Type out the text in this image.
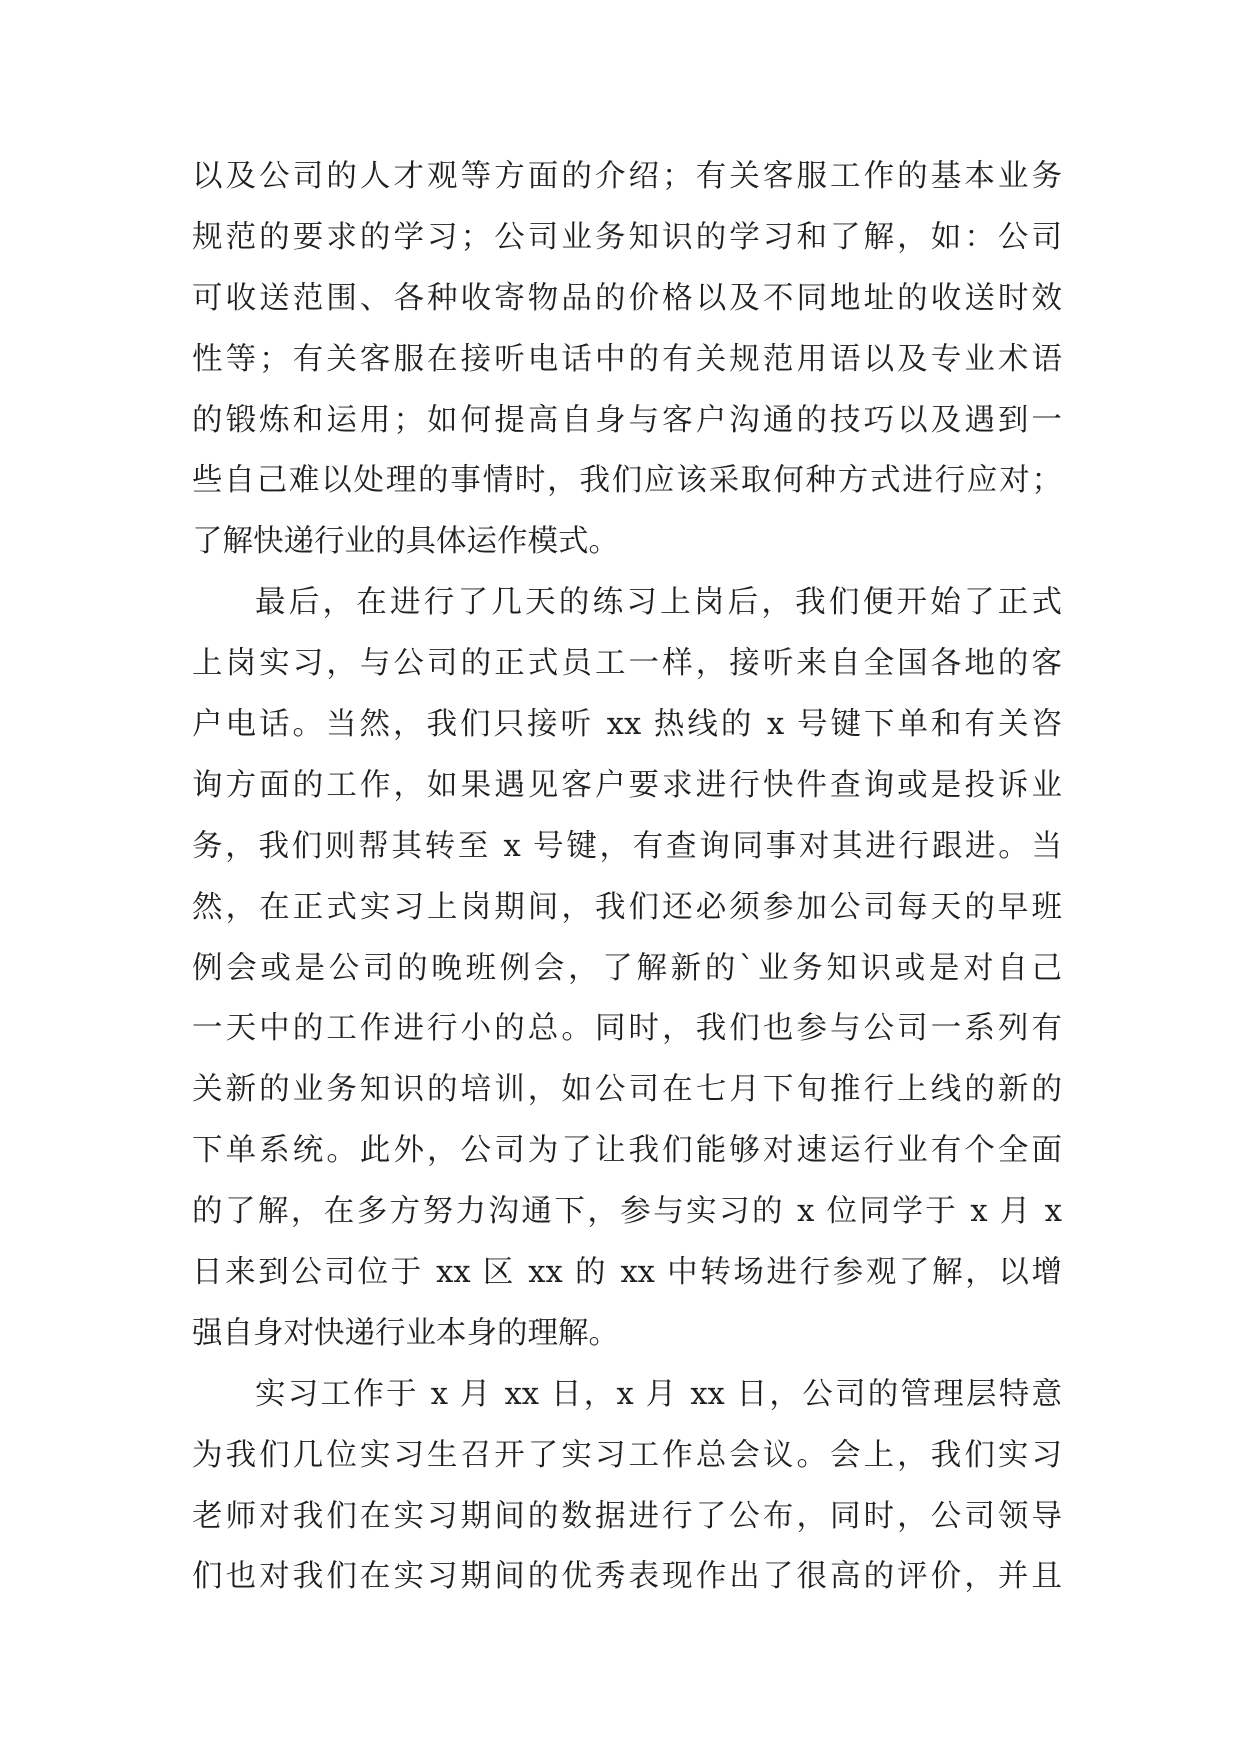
以及公司的人才观等方面的介绍；有关客服工作的基本业务
规范的要求的学习；公司业务知识的学习和了解，如：公司
可收送范围、各种收寄物品的价格以及不同地址的收送时效
性等；有关客服在接听电话中的有关规范用语以及专业术语
的锻炼和运用；如何提高自身与客户沟通的技巧以及遇到一
些自己难以处理的事情时，我们应该采取何种方式进行应对；
了解快递行业的具体运作模式。

最后，在进行了几天的练习上岗后，我们便开始了正式
上岗实习，与公司的正式员工一样，接听来自全国各地的客
户电话。当然，我们只接听 xx 热线的 x 号键下单和有关咨
询方面的工作，如果遇见客户要求进行快件查询或是投诉业
务，我们则帮其转至 x 号键，有查询同事对其进行跟进。当
然，在正式实习上岗期间，我们还必须参加公司每天的早班
例会或是公司的晚班例会，了解新的`业务知识或是对自己
一天中的工作进行小的总。同时，我们也参与公司一系列有
关新的业务知识的培训，如公司在七月下旬推行上线的新的
下单系统。此外，公司为了让我们能够对速运行业有个全面
的了解，在多方努力沟通下，参与实习的 x 位同学于 x 月 x
日来到公司位于 xx 区 xx 的 xx 中转场进行参观了解，以增
强自身对快递行业本身的理解。

实习工作于 x 月 xx 日，x 月 xx 日，公司的管理层特意
为我们几位实习生召开了实习工作总会议。会上，我们实习
老师对我们在实习期间的数据进行了公布，同时，公司领导
们也对我们在实习期间的优秀表现作出了很高的评价，并且
